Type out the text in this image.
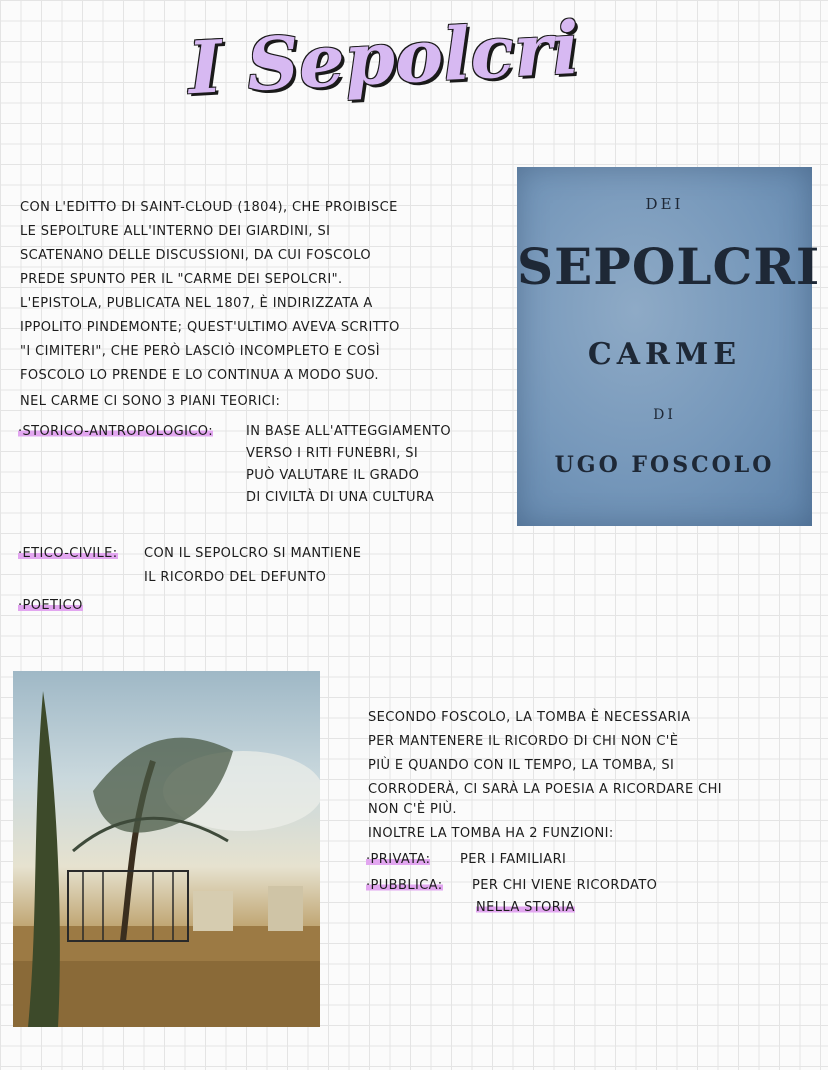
I Sepolcri
CON L'EDITTO DI SAINT-CLOUD (1804), CHE PROIBISCE
LE SEPOLTURE ALL'INTERNO DEI GIARDINI, SI
SCATENANO DELLE DISCUSSIONI, DA CUI FOSCOLO
PREDE SPUNTO PER IL "CARME DEI SEPOLCRI".
L'EPISTOLA, PUBLICATA NEL 1807, È INDIRIZZATA A
IPPOLITO PINDEMONTE; QUEST'ULTIMO AVEVA SCRITTO
"I CIMITERI", CHE PERÒ LASCIÒ INCOMPLETO E COSÌ
FOSCOLO LO PRENDE E LO CONTINUA A MODO SUO.
NEL CARME CI SONO 3 PIANI TEORICI:
·STORICO-ANTROPOLOGICO:	IN BASE ALL'ATTEGGIAMENTO
VERSO I RITI FUNEBRI, SI
PUÒ VALUTARE IL GRADO
DI CIVILTÀ DI UNA CULTURA
·ETICO-CIVILE: CON IL SEPOLCRO SI MANTIENE
IL RICORDO DEL DEFUNTO
·POETICO
DEI
SEPOLCRI
CARME
DI
UGO FOSCOLO
SECONDO FOSCOLO, LA TOMBA È NECESSARIA
PER MANTENERE IL RICORDO DI CHI NON C'È
PIÙ E QUANDO CON IL TEMPO, LA TOMBA, SI
CORRODERÀ, CI SARÀ LA POESIA A RICORDARE CHI
NON C'È PIÙ.
INOLTRE LA TOMBA HA 2 FUNZIONI:
·PRIVATA: PER I FAMILIARI
·PUBBLICA: PER CHI VIENE RICORDATO
NELLA STORIA
